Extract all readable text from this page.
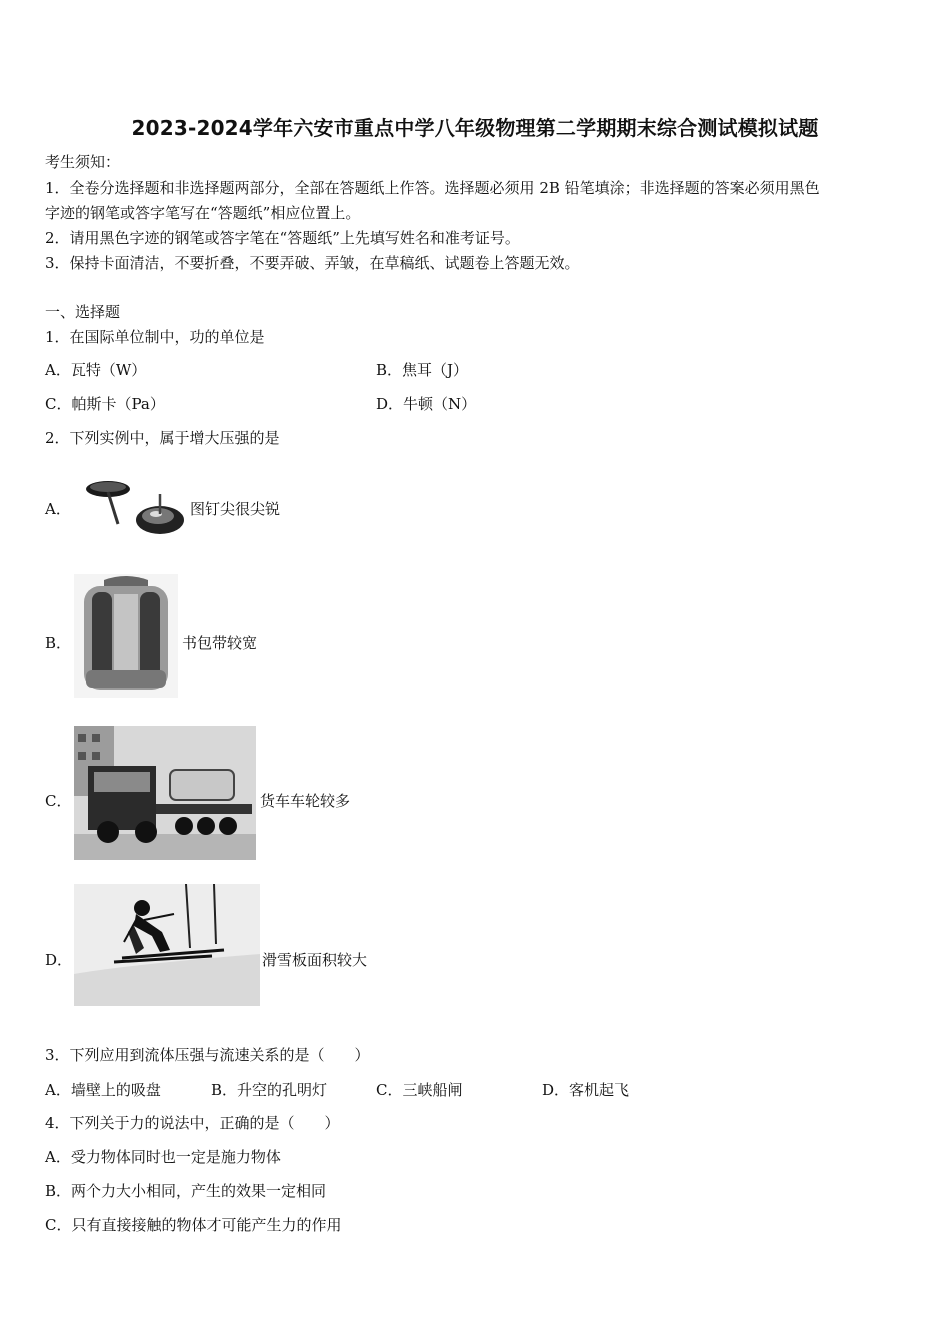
2023-2024学年六安市重点中学八年级物理第二学期期末综合测试模拟试题
考生须知：
1．全卷分选择题和非选择题两部分，全部在答题纸上作答。选择题必须用 2B 铅笔填涂；非选择题的答案必须用黑色
字迹的钢笔或答字笔写在“答题纸”相应位置上。
2．请用黑色字迹的钢笔或答字笔在“答题纸”上先填写姓名和准考证号。
3．保持卡面清洁，不要折叠，不要弄破、弄皱，在草稿纸、试题卷上答题无效。
一、选择题
1．在国际单位制中，功的单位是
A．瓦特（W）	B．焦耳（J）
C．帕斯卡（Pa）	D．牛顿（N）
2．下列实例中，属于增大压强的是
A．	图钉尖很尖锐
B．	书包带较宽
C．	货车车轮较多
D．	滑雪板面积较大
3．下列应用到流体压强与流速关系的是（　　）
A．墙壁上的吸盘	B．升空的孔明灯	C．三峡船闸	D．客机起飞
4．下列关于力的说法中，正确的是（　　）
A．受力物体同时也一定是施力物体
B．两个力大小相同，产生的效果一定相同
C．只有直接接触的物体才可能产生力的作用
